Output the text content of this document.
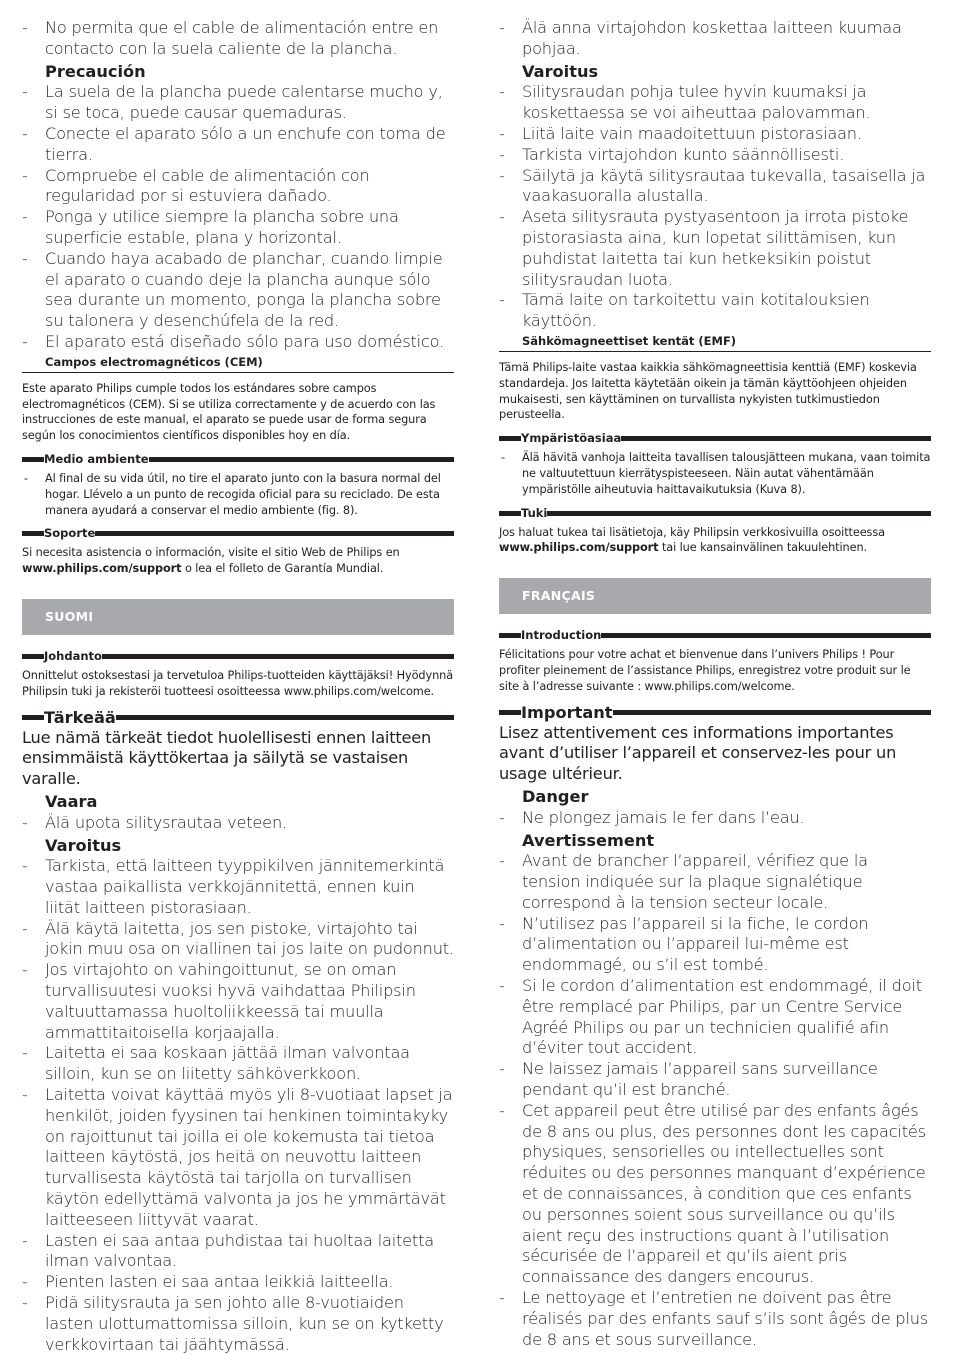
- No permita que el cable de alimentación entre en contacto con la suela caliente de la plancha.
Precaución
- La suela de la plancha puede calentarse mucho y, si se toca, puede causar quemaduras.
- Conecte el aparato sólo a un enchufe con toma de tierra.
- Compruebe el cable de alimentación con regularidad por si estuviera dañado.
- Ponga y utilice siempre la plancha sobre una superficie estable, plana y horizontal.
- Cuando haya acabado de planchar, cuando limpie el aparato o cuando deje la plancha aunque sólo sea durante un momento, ponga la plancha sobre su talonera y desenchúfela de la red.
- El aparato está diseñado sólo para uso doméstico.
Campos electromagnéticos (CEM)
Este aparato Philips cumple todos los estándares sobre campos electromagnéticos (CEM). Si se utiliza correctamente y de acuerdo con las instrucciones de este manual, el aparato se puede usar de forma segura según los conocimientos científicos disponibles hoy en día.
Medio ambiente
- Al final de su vida útil, no tire el aparato junto con la basura normal del hogar. Llévelo a un punto de recogida oficial para su reciclado. De esta manera ayudará a conservar el medio ambiente (fig. 8).
Soporte
Si necesita asistencia o información, visite el sitio Web de Philips en www.philips.com/support o lea el folleto de Garantía Mundial.
SUOMI
Johdanto
Onnittelut ostoksestasi ja tervetuloa Philips-tuotteiden käyttäjäksi! Hyödynnä Philipsin tuki ja rekisteröi tuotteesi osoitteessa www.philips.com/welcome.
Tärkeää
Lue nämä tärkeät tiedot huolellisesti ennen laitteen ensimmäistä käyttökertaa ja säilytä se vastaisen varalle.
Vaara
- Älä upota silitysrautaa veteen.
Varoitus
- Tarkista, että laitteen tyyppikilven jännitemerkintä vastaa paikallista verkkojännitettä, ennen kuin liität laitteen pistorasiaan.
- Älä käytä laitetta, jos sen pistoke, virtajohto tai jokin muu osa on viallinen tai jos laite on pudonnut.
- Jos virtajohto on vahingoittunut, se on oman turvallisuutesi vuoksi hyvä vaihdattaa Philipsin valtuuttamassa huoltoliikkeessä tai muulla ammattitaitoisella korjaajalla.
- Laitetta ei saa koskaan jättää ilman valvontaa silloin, kun se on liitetty sähköverkkoon.
- Laitetta voivat käyttää myös yli 8-vuotiaat lapset ja henkilöt, joiden fyysinen tai henkinen toimintakyky on rajoittunut tai joilla ei ole kokemusta tai tietoa laitteen käytöstä, jos heitä on neuvottu laitteen turvallisesta käytöstä tai tarjolla on turvallisen käytön edellyttämä valvonta ja jos he ymmärtävät laitteeseen liittyvät vaarat.
- Lasten ei saa antaa puhdistaa tai huoltaa laitetta ilman valvontaa.
- Pienten lasten ei saa antaa leikkiä laitteella.
- Pidä silitysrauta ja sen johto alle 8-vuotiaiden lasten ulottumattomissa silloin, kun se on kytketty verkkovirtaan tai jäähtymässä.
- Älä anna virtajohdon koskettaa laitteen kuumaa pohjaa.
Varoitus
- Silitysraudan pohja tulee hyvin kuumaksi ja koskettaessa se voi aiheuttaa palovamman.
- Liitä laite vain maadoitettuun pistorasiaan.
- Tarkista virtajohdon kunto säännöllisesti.
- Säilytä ja käytä silitysrautaa tukevalla, tasaisella ja vaakasuoralla alustalla.
- Aseta silitysrauta pystyasentoon ja irrota pistoke pistorasiasta aina, kun lopetat silittämisen, kun puhdistat laitetta tai kun hetkeksikin poistut silitysraudan luota.
- Tämä laite on tarkoitettu vain kotitalouksien käyttöön.
Sähkömagneettiset kentät (EMF)
Tämä Philips-laite vastaa kaikkia sähkömagneettisia kenttiä (EMF) koskevia standardeja. Jos laitetta käytetään oikein ja tämän käyttöohjeen ohjeiden mukaisesti, sen käyttäminen on turvallista nykyisten tutkimustiedon perusteella.
Ympäristöasiaa
- Älä hävitä vanhoja laitteita tavallisen talousjätteen mukana, vaan toimita ne valtuutettuun kierrätyspisteeseen. Näin autat vähentämään ympäristölle aiheutuvia haittavaikutuksia (Kuva 8).
Tuki
Jos haluat tukea tai lisätietoja, käy Philipsin verkkosivuilla osoitteessa www.philips.com/support tai lue kansainvälinen takuulehtinen.
FRANÇAIS
Introduction
Félicitations pour votre achat et bienvenue dans l’univers Philips ! Pour profiter pleinement de l’assistance Philips, enregistrez votre produit sur le site à l’adresse suivante : www.philips.com/welcome.
Important
Lisez attentivement ces informations importantes avant d’utiliser l’appareil et conservez-les pour un usage ultérieur.
Danger
- Ne plongez jamais le fer dans l’eau.
Avertissement
- Avant de brancher l’appareil, vérifiez que la tension indiquée sur la plaque signalétique correspond à la tension secteur locale.
- N’utilisez pas l’appareil si la fiche, le cordon d’alimentation ou l’appareil lui-même est endommagé, ou s’il est tombé.
- Si le cordon d’alimentation est endommagé, il doit être remplacé par Philips, par un Centre Service Agréé Philips ou par un technicien qualifié afin d’éviter tout accident.
- Ne laissez jamais l’appareil sans surveillance pendant qu’il est branché.
- Cet appareil peut être utilisé par des enfants âgés de 8 ans ou plus, des personnes dont les capacités physiques, sensorielles ou intellectuelles sont réduites ou des personnes manquant d’expérience et de connaissances, à condition que ces enfants ou personnes soient sous surveillance ou qu’ils aient reçu des instructions quant à l’utilisation sécurisée de l’appareil et qu’ils aient pris connaissance des dangers encourus.
- Le nettoyage et l’entretien ne doivent pas être réalisés par des enfants sauf s’ils sont âgés de plus de 8 ans et sous surveillance.
